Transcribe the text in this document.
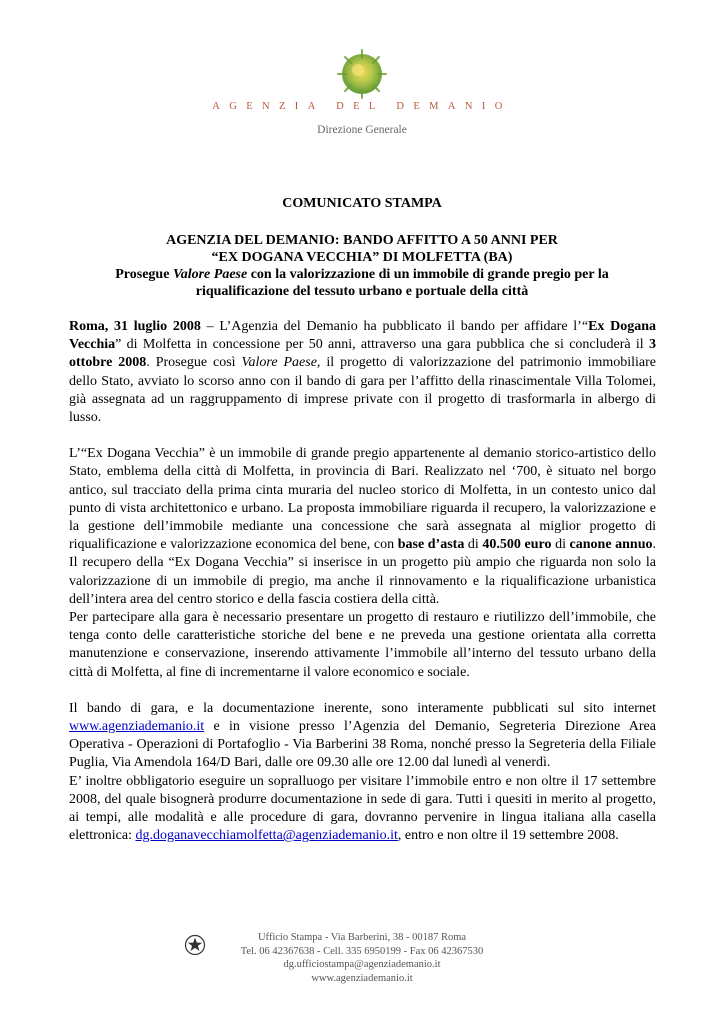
AGENZIA DEL DEMANIO
Direzione Generale
COMUNICATO STAMPA
AGENZIA DEL DEMANIO: BANDO AFFITTO A 50 ANNI PER
“EX DOGANA VECCHIA” DI MOLFETTA (BA)
Prosegue Valore Paese con la valorizzazione di un immobile di grande pregio per la
riqualificazione del tessuto urbano e portuale della città

Roma, 31 luglio 2008 – L’Agenzia del Demanio ha pubblicato il bando per affidare l’“Ex Dogana Vecchia” di Molfetta in concessione per 50 anni, attraverso una gara pubblica che si concluderà il 3 ottobre 2008. Prosegue così Valore Paese, il progetto di valorizzazione del patrimonio immobiliare dello Stato, avviato lo scorso anno con il bando di gara per l’affitto della rinascimentale Villa Tolomei, già assegnata ad un raggruppamento di imprese private con il progetto di trasformarla in albergo di lusso.

L’“Ex Dogana Vecchia” è un immobile di grande pregio appartenente al demanio storico-artistico dello Stato, emblema della città di Molfetta, in provincia di Bari. Realizzato nel ‘700, è situato nel borgo antico, sul tracciato della prima cinta muraria del nucleo storico di Molfetta, in un contesto unico dal punto di vista architettonico e urbano. La proposta immobiliare riguarda il recupero, la valorizzazione e la gestione dell’immobile mediante una concessione che sarà assegnata al miglior progetto di riqualificazione e valorizzazione economica del bene, con base d’asta di 40.500 euro di canone annuo. Il recupero della “Ex Dogana Vecchia” si inserisce in un progetto più ampio che riguarda non solo la valorizzazione di un immobile di pregio, ma anche il rinnovamento e la riqualificazione urbanistica dell’intera area del centro storico e della fascia costiera della città.

Per partecipare alla gara è necessario presentare un progetto di restauro e riutilizzo dell’immobile, che tenga conto delle caratteristiche storiche del bene e ne preveda una gestione orientata alla corretta manutenzione e conservazione, inserendo attivamente l’immobile all’interno del tessuto urbano della città di Molfetta, al fine di incrementarne il valore economico e sociale.

Il bando di gara, e la documentazione inerente, sono interamente pubblicati sul sito internet www.agenziademanio.it e in visione presso l’Agenzia del Demanio, Segreteria Direzione Area Operativa - Operazioni di Portafoglio - Via Barberini 38 Roma, nonché presso la Segreteria della Filiale Puglia, Via Amendola 164/D Bari, dalle ore 09.30 alle ore 12.00 dal lunedì al venerdì.

E’ inoltre obbligatorio eseguire un sopralluogo per visitare l’immobile entro e non oltre il 17 settembre 2008, del quale bisognerà produrre documentazione in sede di gara. Tutti i quesiti in merito al progetto, ai tempi, alle modalità e alle procedure di gara, dovranno pervenire in lingua italiana alla casella elettronica: dg.doganavecchiamolfetta@agenziademanio.it, entro e non oltre il 19 settembre 2008.

Ufficio Stampa - Via Barberini, 38 - 00187 Roma
Tel. 06 42367638 - Cell. 335 6950199 - Fax 06 42367530
dg.ufficiostampa@agenziademanio.it
www.agenziademanio.it
